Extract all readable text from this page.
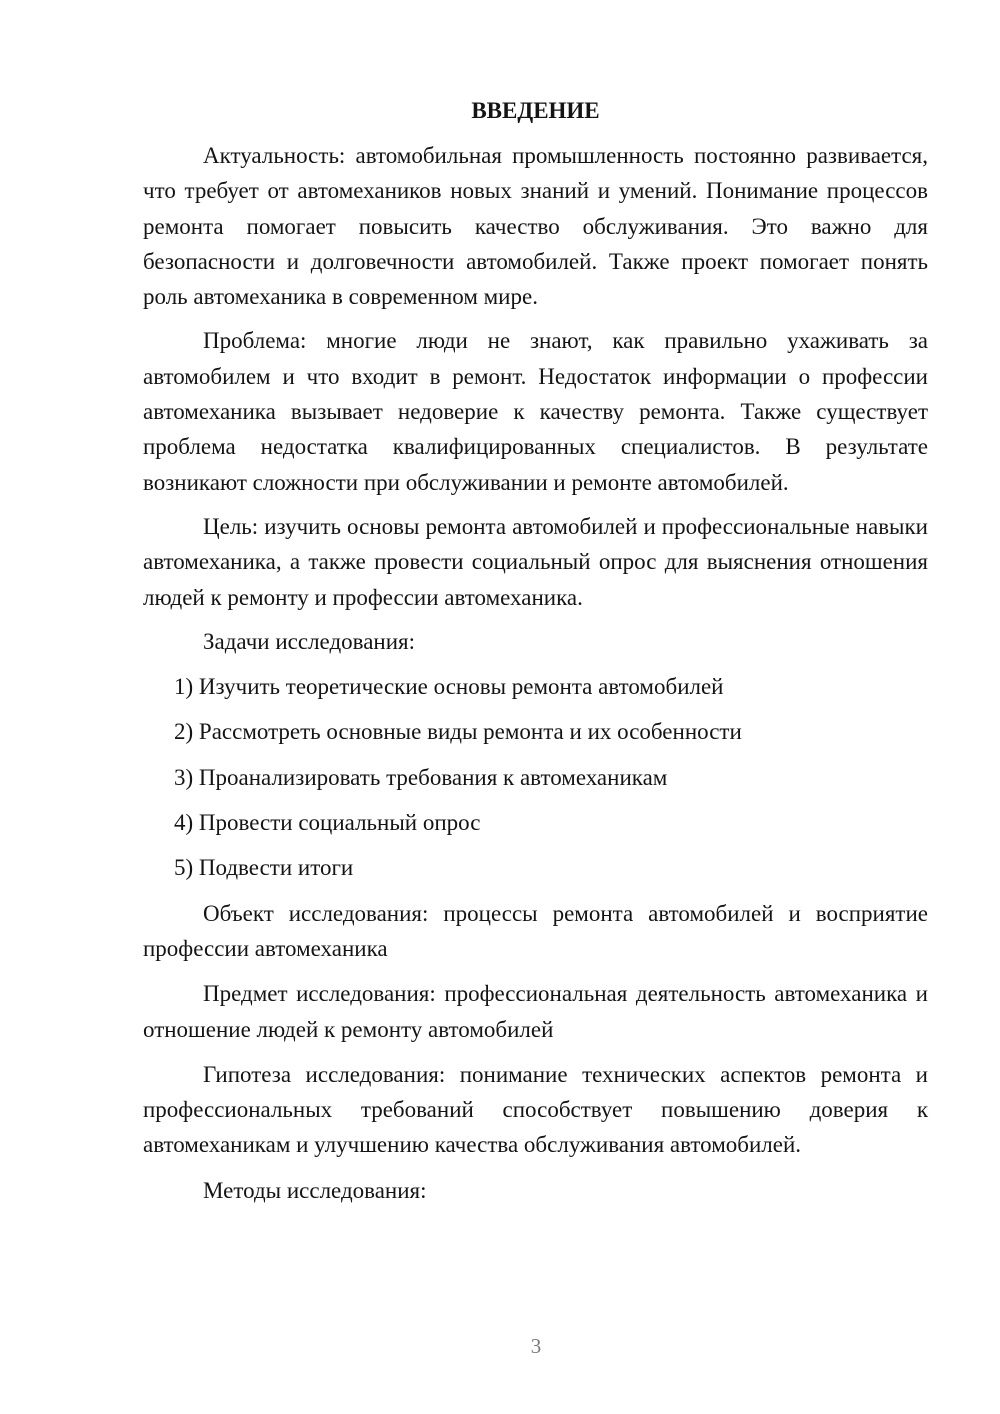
ВВЕДЕНИЕ

Актуальность: автомобильная промышленность постоянно развивается, что требует от автомехаников новых знаний и умений. Понимание процессов ремонта помогает повысить качество обслуживания. Это важно для безопасности и долговечности автомобилей. Также проект помогает понять роль автомеханика в современном мире.

Проблема: многие люди не знают, как правильно ухаживать за автомобилем и что входит в ремонт. Недостаток информации о профессии автомеханика вызывает недоверие к качеству ремонта. Также существует проблема недостатка квалифицированных специалистов. В результате возникают сложности при обслуживании и ремонте автомобилей.

Цель: изучить основы ремонта автомобилей и профессиональные навыки автомеханика, а также провести социальный опрос для выяснения отношения людей к ремонту и профессии автомеханика.

Задачи исследования:

1) Изучить теоретические основы ремонта автомобилей
2) Рассмотреть основные виды ремонта и их особенности
3) Проанализировать требования к автомеханикам
4) Провести социальный опрос
5) Подвести итоги

Объект исследования: процессы ремонта автомобилей и восприятие профессии автомеханика

Предмет исследования: профессиональная деятельность автомеханика и отношение людей к ремонту автомобилей

Гипотеза исследования: понимание технических аспектов ремонта и профессиональных требований способствует повышению доверия к автомеханикам и улучшению качества обслуживания автомобилей.

Методы исследования:

3
